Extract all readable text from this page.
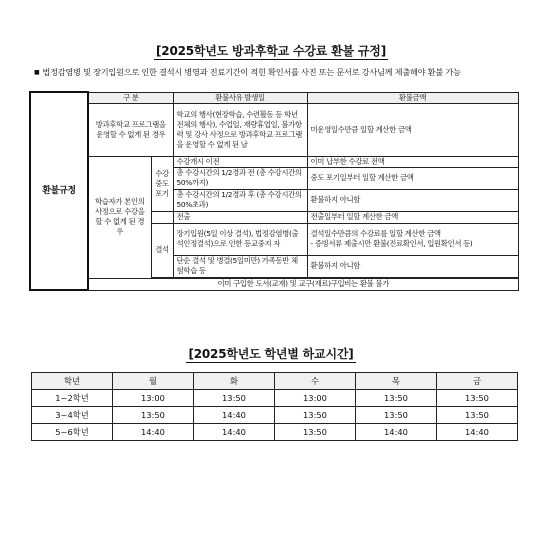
[2025학년도 방과후학교 수강료 환불 규정]
■ 법정감염병 및 장기입원으로 인한 결석시 병영과 진료기간이 적힌 확인서를 사진 또는 문서로 강사님께 제출해야 환불 가능
환불규정	구 분		환불사유 발생일	환불금액
	방과후학교 프로그램을 운영할 수 없게 된 경우		학교의 행사(현장학습, 수련활동 등 학년 전체의 행사), 수업일, 재량휴업일, 불가항력 및 강사 사정으로 방과후학교 프로그램을 운영할 수 없게 된 날	미운영일수만큼 일할 계산한 금액
	학습자가 본인의 사정으로 수강을 할 수 없게 된 경우	수강 중도 포기	수강개시 이전	이미 납부한 수강료 전액
			총 수강시간의 1/2경과 전 (총 수강시간의50%까지)	중도 포기일부터 일할 계산한 금액
			총 수강시간의 1/2경과 후 (총 수강시간의50%초과)	환불하지 아니함
			전출	전출일부터 일할 계산한 금액
		결석	장기입원(5일 이상 결석), 법정감염병(출석인정결석)으로 인한 등교중지 자	결석일수만큼의 수강료를 일할 계산한 금액
- 증빙서류 제출시만 환불(진료확인서, 입원확인서 등)

			단순 결석 및 병결(5일미만) 가족동반 체험학습 등	환불하지 아니함

	이미 구입한 도서(교재) 및 교구(재료)구입비는 환불 불가			
[2025학년도 학년별 하교시간]
학년	월	화	수	목	금
1~2학년	13:00	13:50	13:00	13:50	13:50
3~4학년	13:50	14:40	13:50	13:50	13:50
5~6학년	14:40	14:40	13:50	14:40	14:40
